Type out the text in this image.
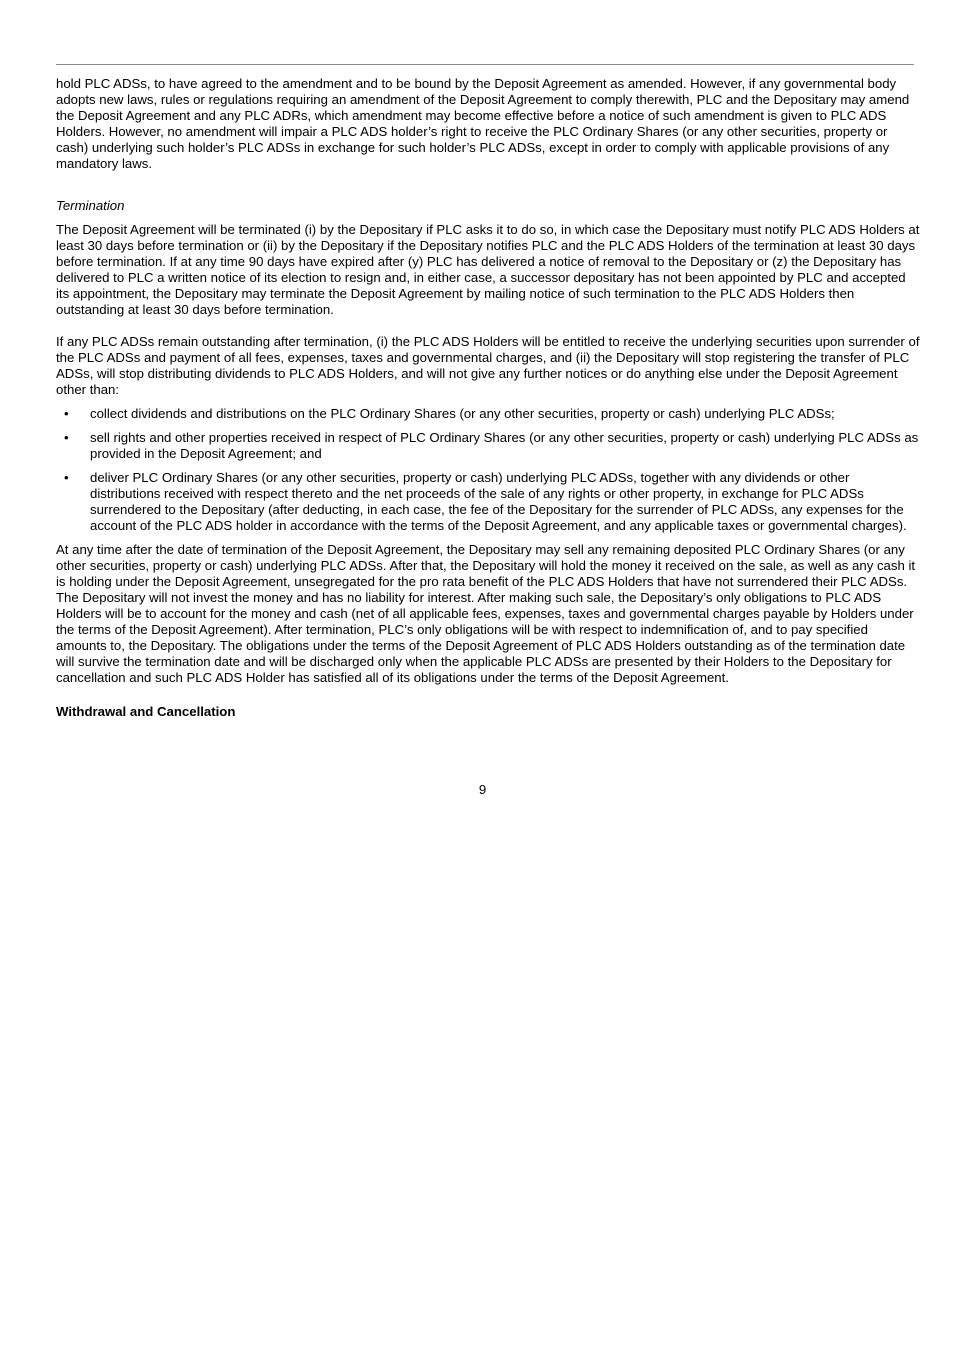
hold PLC ADSs, to have agreed to the amendment and to be bound by the Deposit Agreement as amended. However, if any governmental body adopts new laws, rules or regulations requiring an amendment of the Deposit Agreement to comply therewith, PLC and the Depositary may amend the Deposit Agreement and any PLC ADRs, which amendment may become effective before a notice of such amendment is given to PLC ADS Holders. However, no amendment will impair a PLC ADS holder’s right to receive the PLC Ordinary Shares (or any other securities, property or cash) underlying such holder’s PLC ADSs in exchange for such holder’s PLC ADSs, except in order to comply with applicable provisions of any mandatory laws.

Termination

The Deposit Agreement will be terminated (i) by the Depositary if PLC asks it to do so, in which case the Depositary must notify PLC ADS Holders at least 30 days before termination or (ii) by the Depositary if the Depositary notifies PLC and the PLC ADS Holders of the termination at least 30 days before termination. If at any time 90 days have expired after (y) PLC has delivered a notice of removal to the Depositary or (z) the Depositary has delivered to PLC a written notice of its election to resign and, in either case, a successor depositary has not been appointed by PLC and accepted its appointment, the Depositary may terminate the Deposit Agreement by mailing notice of such termination to the PLC ADS Holders then outstanding at least 30 days before termination.

If any PLC ADSs remain outstanding after termination, (i) the PLC ADS Holders will be entitled to receive the underlying securities upon surrender of the PLC ADSs and payment of all fees, expenses, taxes and governmental charges, and (ii) the Depositary will stop registering the transfer of PLC ADSs, will stop distributing dividends to PLC ADS Holders, and will not give any further notices or do anything else under the Deposit Agreement other than:

• collect dividends and distributions on the PLC Ordinary Shares (or any other securities, property or cash) underlying PLC ADSs;
• sell rights and other properties received in respect of PLC Ordinary Shares (or any other securities, property or cash) underlying PLC ADSs as provided in the Deposit Agreement; and
• deliver PLC Ordinary Shares (or any other securities, property or cash) underlying PLC ADSs, together with any dividends or other distributions received with respect thereto and the net proceeds of the sale of any rights or other property, in exchange for PLC ADSs surrendered to the Depositary (after deducting, in each case, the fee of the Depositary for the surrender of PLC ADSs, any expenses for the account of the PLC ADS holder in accordance with the terms of the Deposit Agreement, and any applicable taxes or governmental charges).

At any time after the date of termination of the Deposit Agreement, the Depositary may sell any remaining deposited PLC Ordinary Shares (or any other securities, property or cash) underlying PLC ADSs. After that, the Depositary will hold the money it received on the sale, as well as any cash it is holding under the Deposit Agreement, unsegregated for the pro rata benefit of the PLC ADS Holders that have not surrendered their PLC ADSs. The Depositary will not invest the money and has no liability for interest. After making such sale, the Depositary’s only obligations to PLC ADS Holders will be to account for the money and cash (net of all applicable fees, expenses, taxes and governmental charges payable by Holders under the terms of the Deposit Agreement). After termination, PLC’s only obligations will be with respect to indemnification of, and to pay specified amounts to, the Depositary. The obligations under the terms of the Deposit Agreement of PLC ADS Holders outstanding as of the termination date will survive the termination date and will be discharged only when the applicable PLC ADSs are presented by their Holders to the Depositary for cancellation and such PLC ADS Holder has satisfied all of its obligations under the terms of the Deposit Agreement.

Withdrawal and Cancellation

9
